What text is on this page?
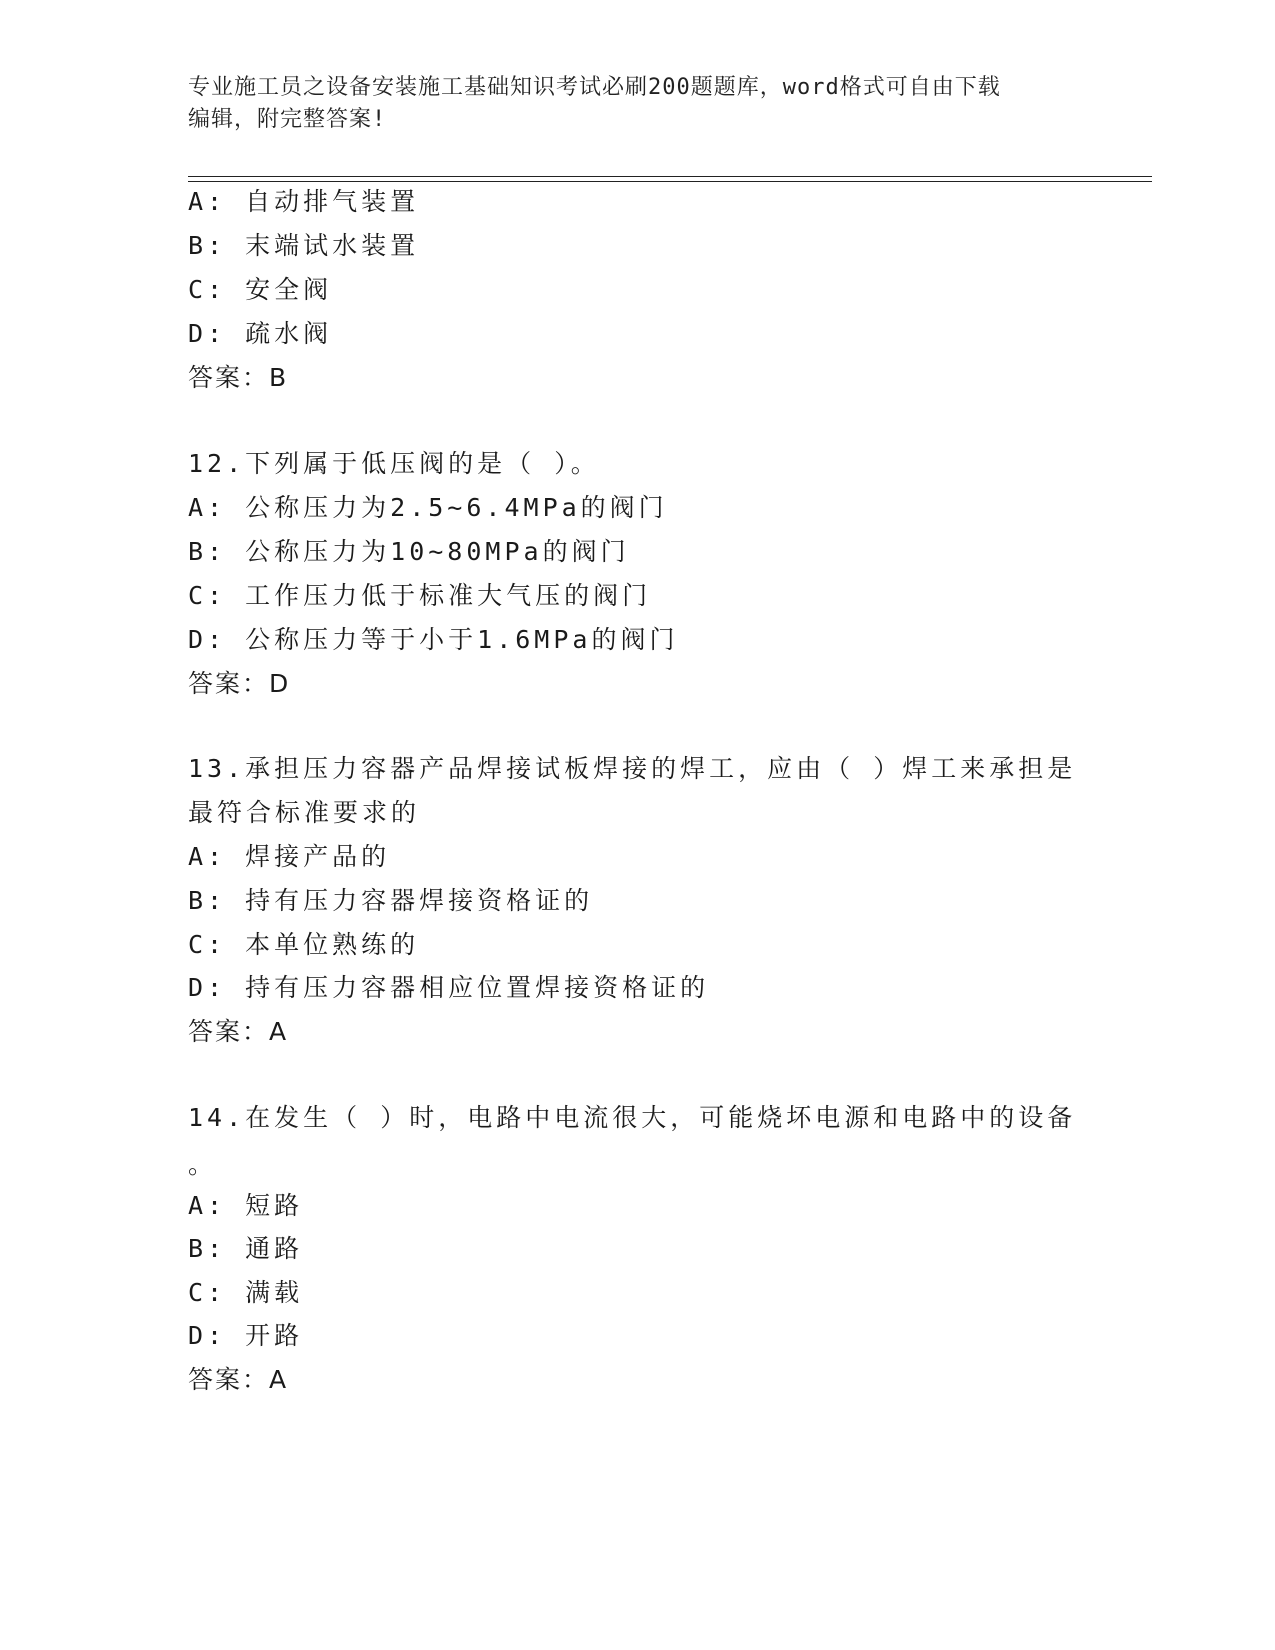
专业施工员之设备安装施工基础知识考试必刷200题题库，word格式可自由下载
编辑，附完整答案!
A: 自动排气装置
B: 末端试水装置
C: 安全阀
D: 疏水阀
答案：B
12.下列属于低压阀的是（ ）。
A: 公称压力为2.5~6.4MPa的阀门
B: 公称压力为10~80MPa的阀门
C: 工作压力低于标准大气压的阀门
D: 公称压力等于小于1.6MPa的阀门
答案：D
13.承担压力容器产品焊接试板焊接的焊工，应由（ ）焊工来承担是
最符合标准要求的
A: 焊接产品的
B: 持有压力容器焊接资格证的
C: 本单位熟练的
D: 持有压力容器相应位置焊接资格证的
答案：A
14.在发生（ ）时，电路中电流很大，可能烧坏电源和电路中的设备
。
A: 短路
B: 通路
C: 满载
D: 开路
答案：A
